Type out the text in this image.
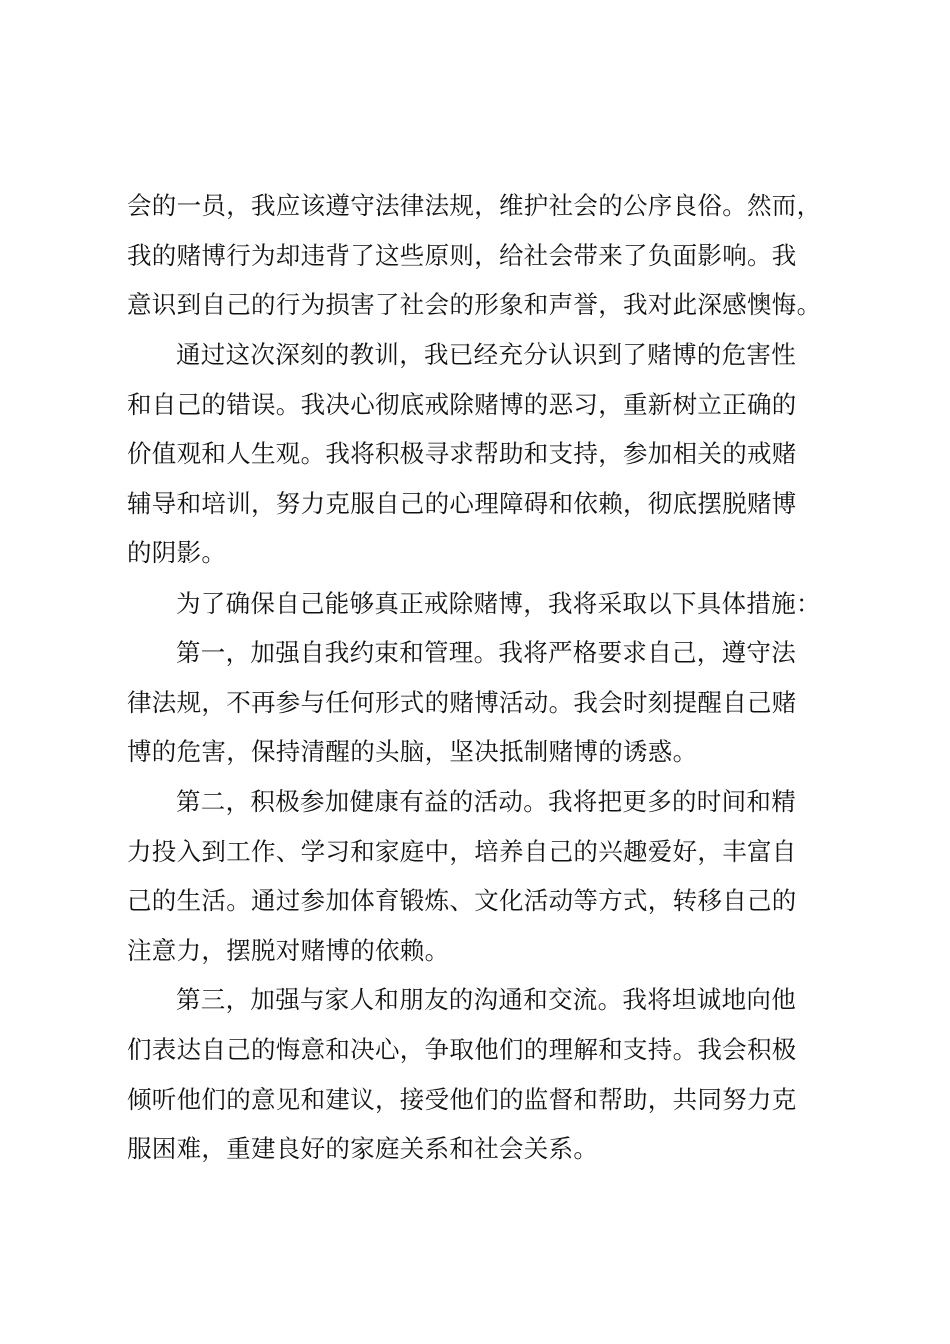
会的一员，我应该遵守法律法规，维护社会的公序良俗。然而，
我的赌博行为却违背了这些原则，给社会带来了负面影响。我
意识到自己的行为损害了社会的形象和声誉，我对此深感懊悔。
通过这次深刻的教训，我已经充分认识到了赌博的危害性
和自己的错误。我决心彻底戒除赌博的恶习，重新树立正确的
价值观和人生观。我将积极寻求帮助和支持，参加相关的戒赌
辅导和培训，努力克服自己的心理障碍和依赖，彻底摆脱赌博
的阴影。
为了确保自己能够真正戒除赌博，我将采取以下具体措施：
第一，加强自我约束和管理。我将严格要求自己，遵守法
律法规，不再参与任何形式的赌博活动。我会时刻提醒自己赌
博的危害，保持清醒的头脑，坚决抵制赌博的诱惑。
第二，积极参加健康有益的活动。我将把更多的时间和精
力投入到工作、学习和家庭中，培养自己的兴趣爱好，丰富自
己的生活。通过参加体育锻炼、文化活动等方式，转移自己的
注意力，摆脱对赌博的依赖。
第三，加强与家人和朋友的沟通和交流。我将坦诚地向他
们表达自己的悔意和决心，争取他们的理解和支持。我会积极
倾听他们的意见和建议，接受他们的监督和帮助，共同努力克
服困难，重建良好的家庭关系和社会关系。
